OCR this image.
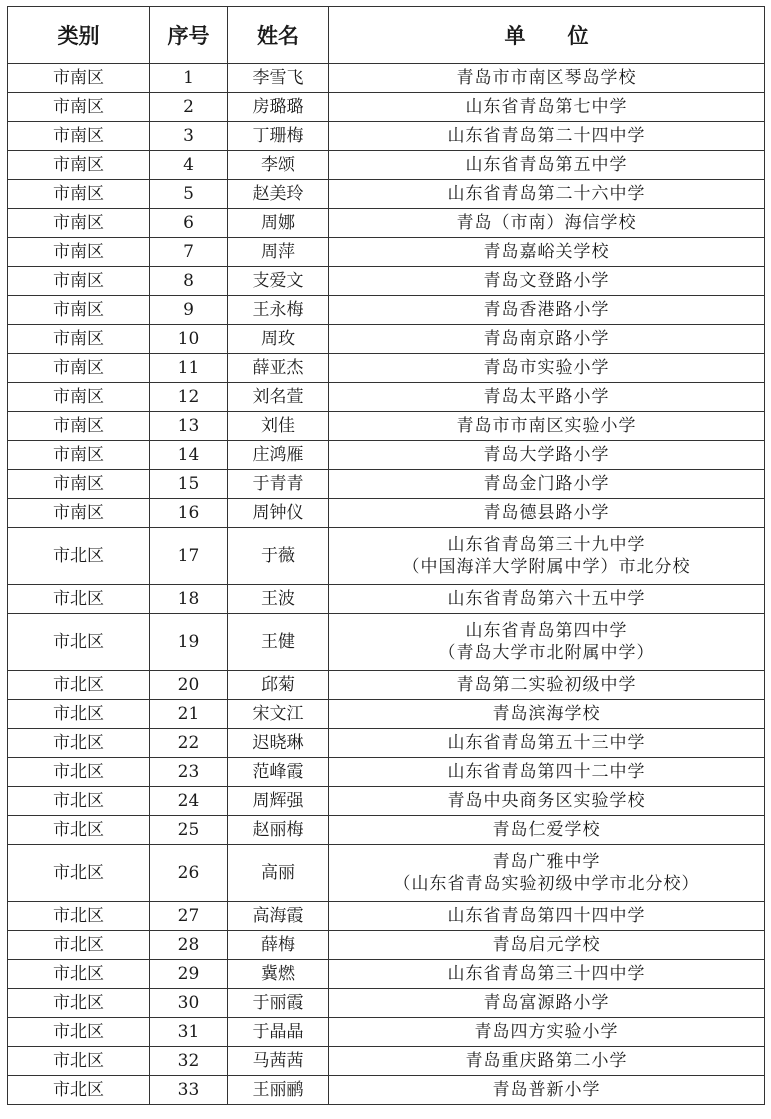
类别	序号	姓名	单　　位
市南区	1	李雪飞	青岛市市南区琴岛学校

市南区	2	房璐璐	山东省青岛第七中学

市南区	3	丁珊梅	山东省青岛第二十四中学

市南区	4	李颂	山东省青岛第五中学

市南区	5	赵美玲	山东省青岛第二十六中学

市南区	6	周娜	青岛（市南）海信学校

市南区	7	周萍	青岛嘉峪关学校

市南区	8	支爱文	青岛文登路小学

市南区	9	王永梅	青岛香港路小学

市南区	10	周玫	青岛南京路小学

市南区	11	薛亚杰	青岛市实验小学

市南区	12	刘名萱	青岛太平路小学

市南区	13	刘佳	青岛市市南区实验小学

市南区	14	庄鸿雁	青岛大学路小学

市南区	15	于青青	青岛金门路小学

市南区	16	周钟仪	青岛德县路小学

市北区	17	于薇	山东省青岛第三十九中学
（中国海洋大学附属中学）市北分校

市北区	18	王波	山东省青岛第六十五中学

市北区	19	王健	山东省青岛第四中学
（青岛大学市北附属中学）

市北区	20	邱菊	青岛第二实验初级中学

市北区	21	宋文江	青岛滨海学校

市北区	22	迟晓琳	山东省青岛第五十三中学

市北区	23	范峰霞	山东省青岛第四十二中学

市北区	24	周辉强	青岛中央商务区实验学校

市北区	25	赵丽梅	青岛仁爱学校

市北区	26	高丽	青岛广雅中学
（山东省青岛实验初级中学市北分校）

市北区	27	高海霞	山东省青岛第四十四中学

市北区	28	薛梅	青岛启元学校

市北区	29	冀燃	山东省青岛第三十四中学

市北区	30	于丽霞	青岛富源路小学

市北区	31	于晶晶	青岛四方实验小学

市北区	32	马茜茜	青岛重庆路第二小学

市北区	33	王丽鹂	青岛普新小学
